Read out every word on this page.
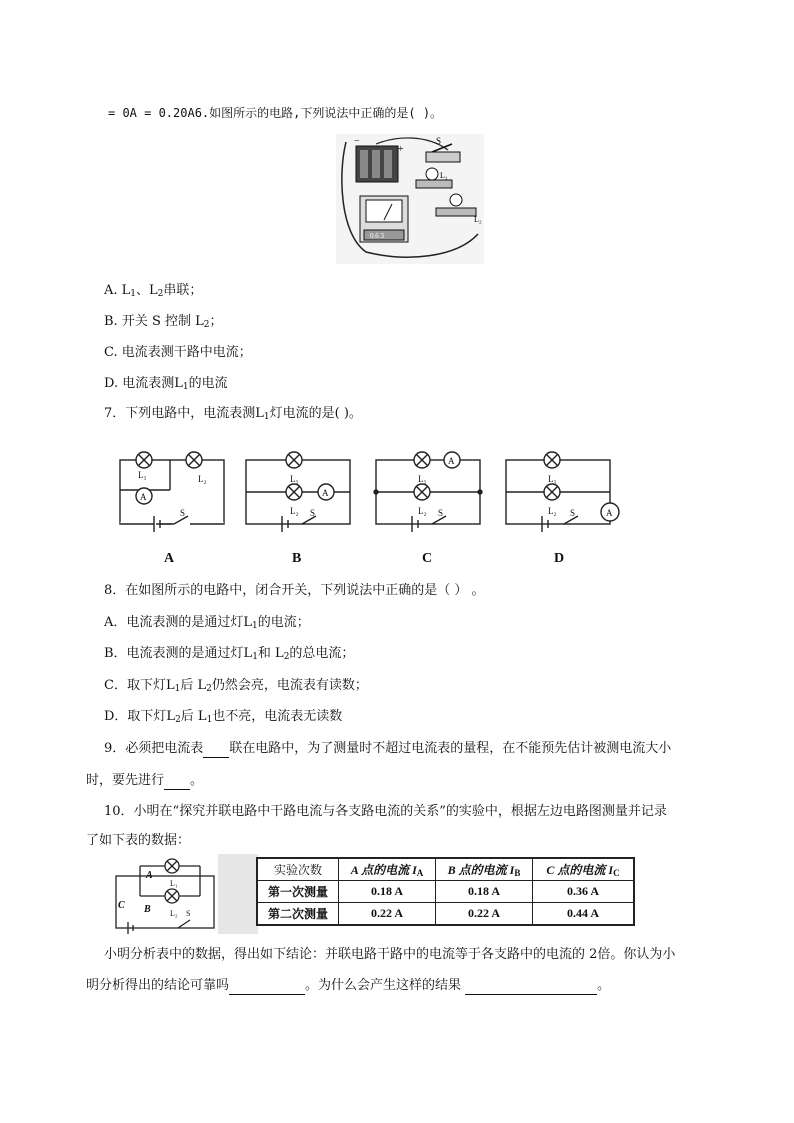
= 0A = 0.20A6.如图所示的电路,下列说法中正确的是( )。
+
−	S
L₁
L₂
0.6 3
A. $L_1$、$L_2$串联；
B. 开关 S 控制 $L_2$；
C. 电流表测干路中电流；
D. 电流表测$L_1$的电流
7．下列电路中，电流表测$L_1$灯电流的是( )。
A
L₁	L₂
S
L₁
L₂
A
S
A
L₁
L₂ S	A
L₁
L₂ S
A	B	C	D
8．在如图所示的电路中，闭合开关，下列说法中正确的是（ ） 。
A．电流表测的是通过灯$L_1$的电流；
B．电流表测的是通过灯$L_1$和 $L_2$的总电流；
C．取下灯$L_1$后 $L_2$仍然会亮，电流表有读数；
D．取下灯$L_2$后 $L_1$也不亮，电流表无读数
9．必须把电流表 联在电路中，为了测量时不超过电流表的量程，在不能预先估计被测电流大小
时，要先进行 。
10．小明在“探究并联电路中干路电流与各支路电流的关系”的实验中，根据左边电路图测量并记录
了如下表的数据：
A
B
C
L₁
L₂ S
实验次数	A 点的电流 $I_A$	B 点的电流 $I_B$	C 点的电流 $I_C$
第一次测量	0.18 A	0.18 A	0.36 A
第二次测量	0.22 A	0.22 A	0.44 A
小明分析表中的数据，得出如下结论：并联电路干路中的电流等于各支路中的电流的 2倍。你认为小
明分析得出的结论可靠吗	。为什么会产生这样的结果	。
